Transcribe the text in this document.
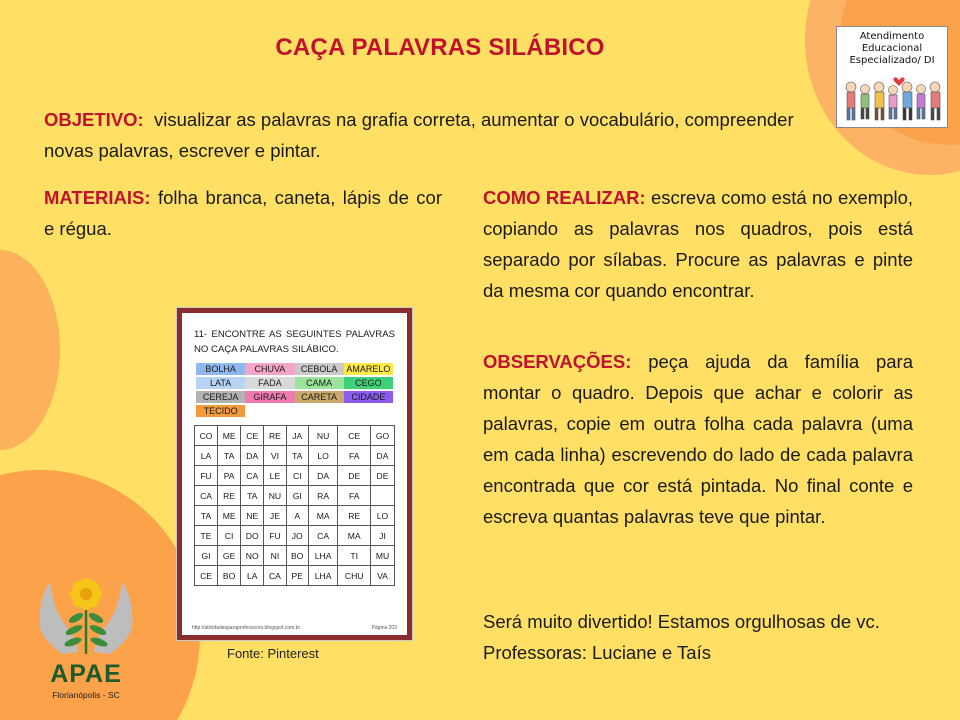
CAÇA PALAVRAS SILÁBICO

OBJETIVO: visualizar as palavras na grafia correta, aumentar o vocabulário, compreender novas palavras, escrever e pintar.

MATERIAIS: folha branca, caneta, lápis de cor e régua.

COMO REALIZAR: escreva como está no exemplo, copiando as palavras nos quadros, pois está separado por sílabas. Procure as palavras e pinte da mesma cor quando encontrar.

OBSERVAÇÕES: peça ajuda da família para montar o quadro. Depois que achar e colorir as palavras, copie em outra folha cada palavra (uma em cada linha) escrevendo do lado de cada palavra encontrada que cor está pintada. No final conte e escreva quantas palavras teve que pintar.

Será muito divertido! Estamos orgulhosas de vc.
Professoras: Luciane e Taís

Atendimento
Educacional
Especializado/ DI
11- ENCONTRE AS SEGUINTES PALAVRAS NO CAÇA PALAVRAS SILÁBICO.
BOLHA	CHUVA	CEBOLA AMARELO
LATA	FADA	CAMA	CEGO
CEREJA	GIRAFA	CARETA	CIDADE
TECIDO
CO	ME	CE	RE	JA	NU	CE	GO
LA	TA	DA	VI	TA	LO	FA	DA
FU	PA	CA	LE	CI	DA	DE	DE
CA	RE	TA	NU	GI	RA	FA	
TA	ME	NE	JE	A	MA	RE	LO
TE	CI	DO	FU	JO	CA	MA	JI
GI	GE	NO	NI	BO	LHA	TI	MU
CE	BO	LA	CA	PE	LHA	CHU	VA
http://atividadesparaprofessores.blogspot.com.br	Página 203
Fonte: Pinterest
APAE
Florianópolis - SC
